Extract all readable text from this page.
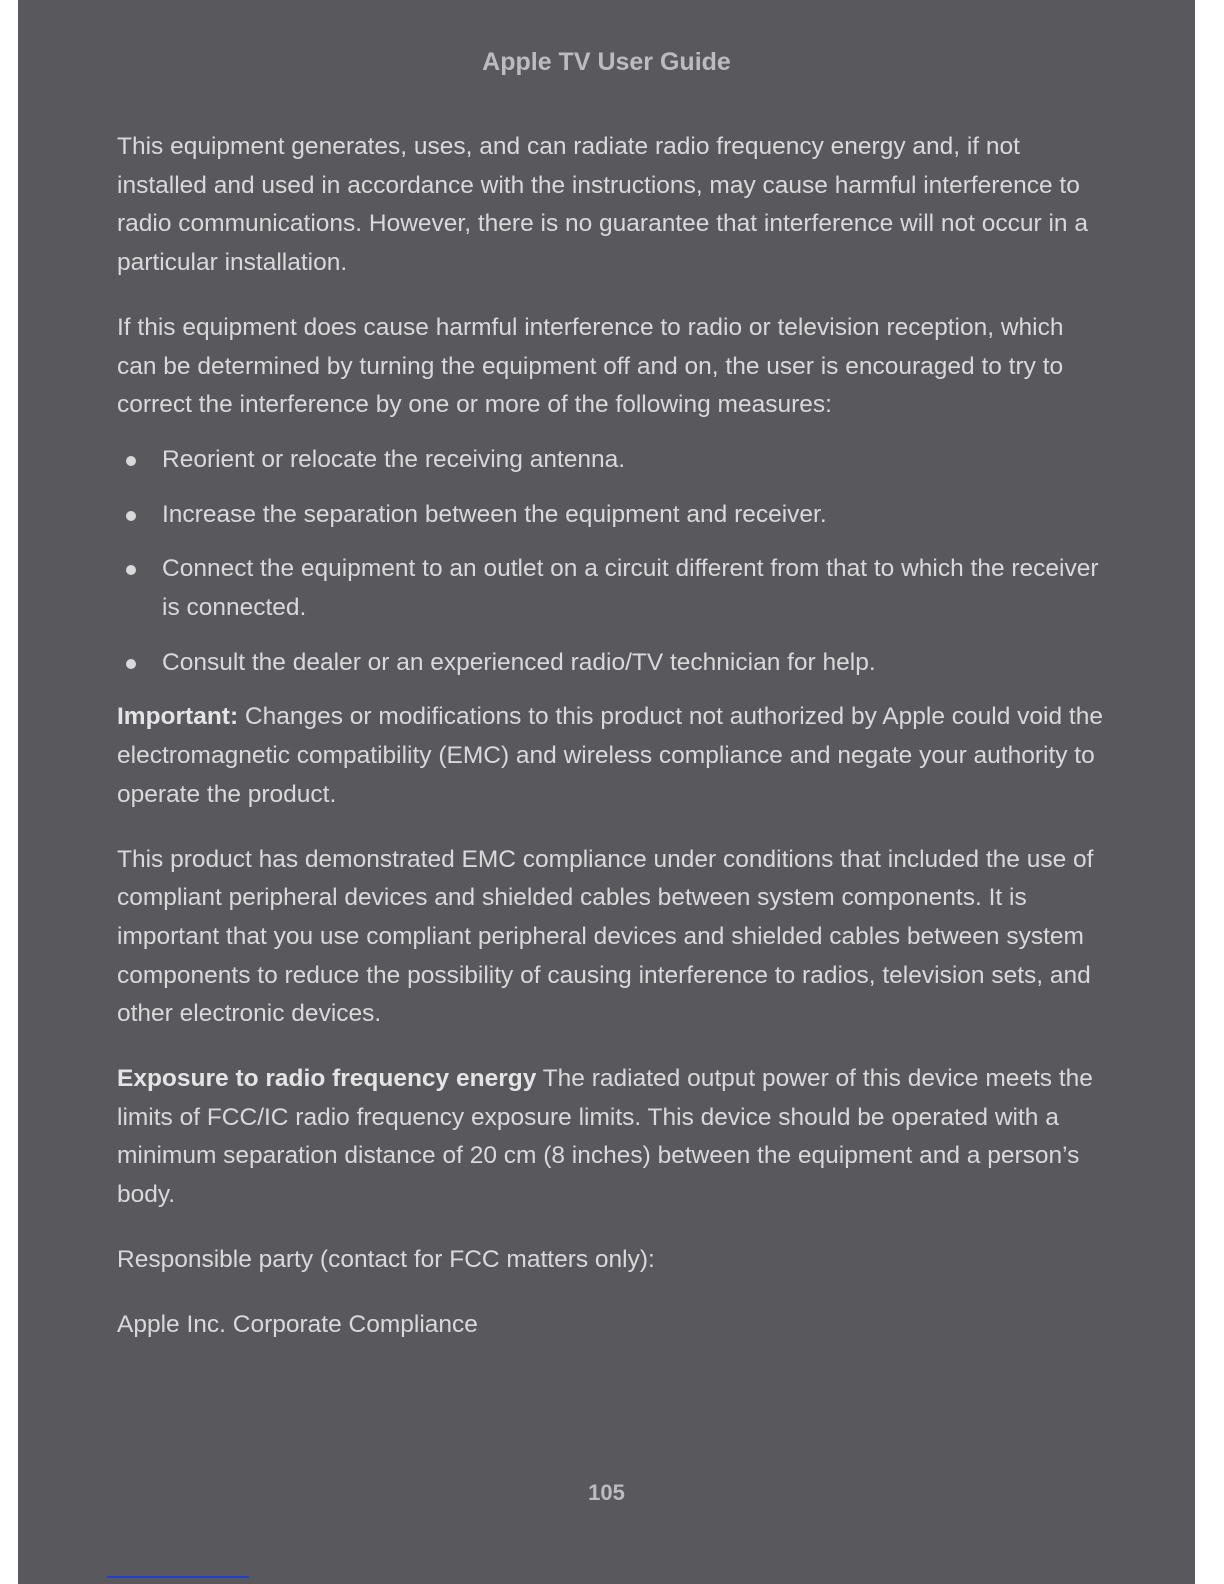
Apple TV User Guide

This equipment generates, uses, and can radiate radio frequency energy and, if not installed and used in accordance with the instructions, may cause harmful interference to radio communications. However, there is no guarantee that interference will not occur in a particular installation.

If this equipment does cause harmful interference to radio or television reception, which can be determined by turning the equipment off and on, the user is encouraged to try to correct the interference by one or more of the following measures:

Reorient or relocate the receiving antenna.
Increase the separation between the equipment and receiver.
Connect the equipment to an outlet on a circuit different from that to which the receiver is connected.
Consult the dealer or an experienced radio/TV technician for help.

Important: Changes or modifications to this product not authorized by Apple could void the electromagnetic compatibility (EMC) and wireless compliance and negate your authority to operate the product.

This product has demonstrated EMC compliance under conditions that included the use of compliant peripheral devices and shielded cables between system components. It is important that you use compliant peripheral devices and shielded cables between system components to reduce the possibility of causing interference to radios, television sets, and other electronic devices.

Exposure to radio frequency energy The radiated output power of this device meets the limits of FCC/IC radio frequency exposure limits. This device should be operated with a minimum separation distance of 20 cm (8 inches) between the equipment and a person’s body.

Responsible party (contact for FCC matters only):

Apple Inc. Corporate Compliance

105
